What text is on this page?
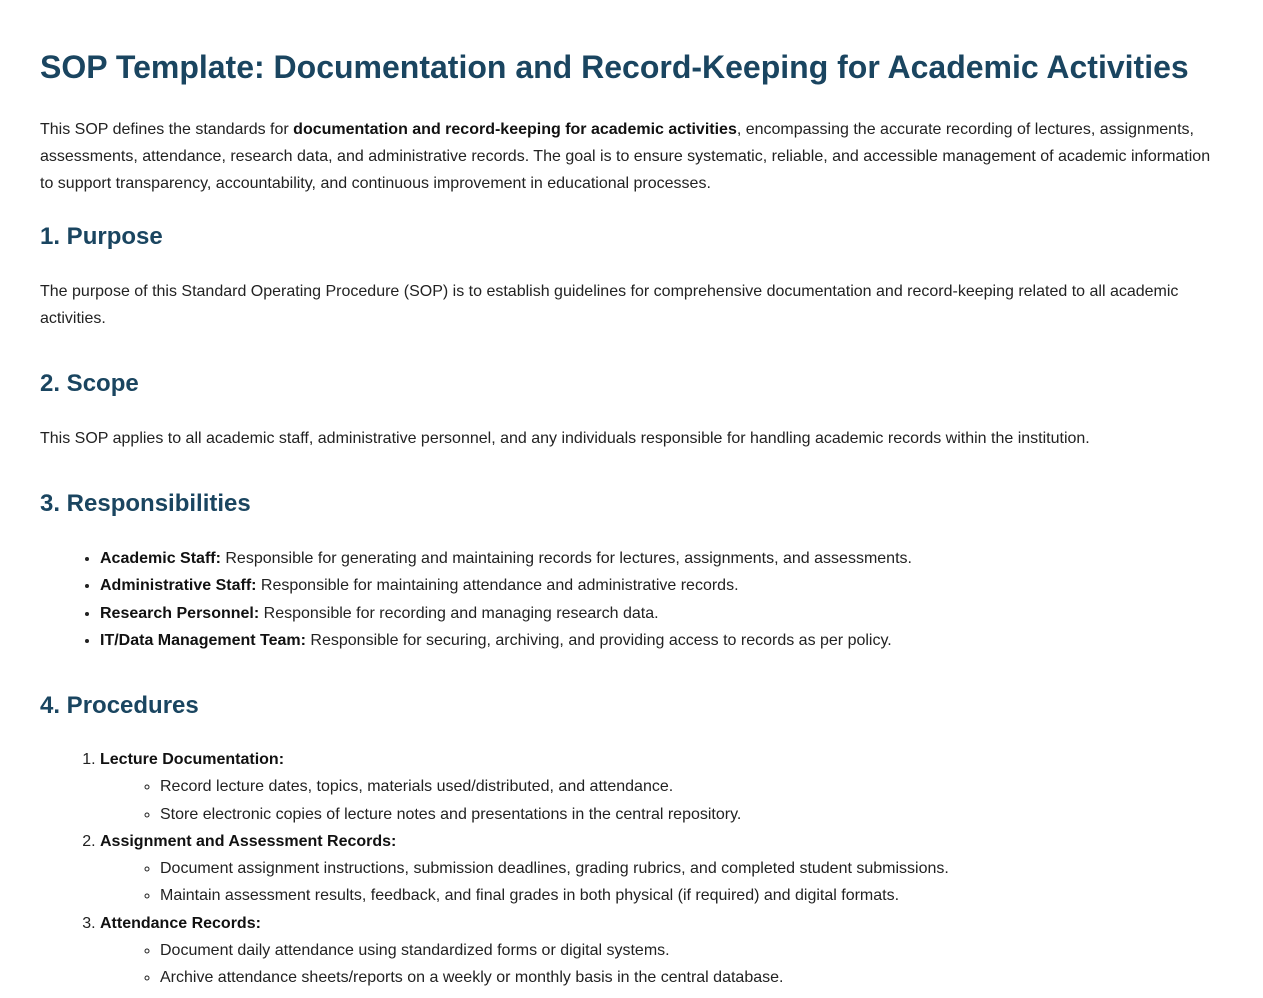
SOP Template: Documentation and Record-Keeping for Academic Activities

This SOP defines the standards for documentation and record-keeping for academic activities, encompassing the accurate recording of lectures, assignments, assessments, attendance, research data, and administrative records. The goal is to ensure systematic, reliable, and accessible management of academic information to support transparency, accountability, and continuous improvement in educational processes.

1. Purpose

The purpose of this Standard Operating Procedure (SOP) is to establish guidelines for comprehensive documentation and record-keeping related to all academic activities.

2. Scope

This SOP applies to all academic staff, administrative personnel, and any individuals responsible for handling academic records within the institution.

3. Responsibilities
• Academic Staff: Responsible for generating and maintaining records for lectures, assignments, and assessments.
• Administrative Staff: Responsible for maintaining attendance and administrative records.
• Research Personnel: Responsible for recording and managing research data.
• IT/Data Management Team: Responsible for securing, archiving, and providing access to records as per policy.
4. Procedures
1. Lecture Documentation:
◦ Record lecture dates, topics, materials used/distributed, and attendance.
◦ Store electronic copies of lecture notes and presentations in the central repository.
2. Assignment and Assessment Records:
◦ Document assignment instructions, submission deadlines, grading rubrics, and completed student submissions.
◦ Maintain assessment results, feedback, and final grades in both physical (if required) and digital formats.
3. Attendance Records:
◦ Document daily attendance using standardized forms or digital systems.
◦ Archive attendance sheets/reports on a weekly or monthly basis in the central database.
